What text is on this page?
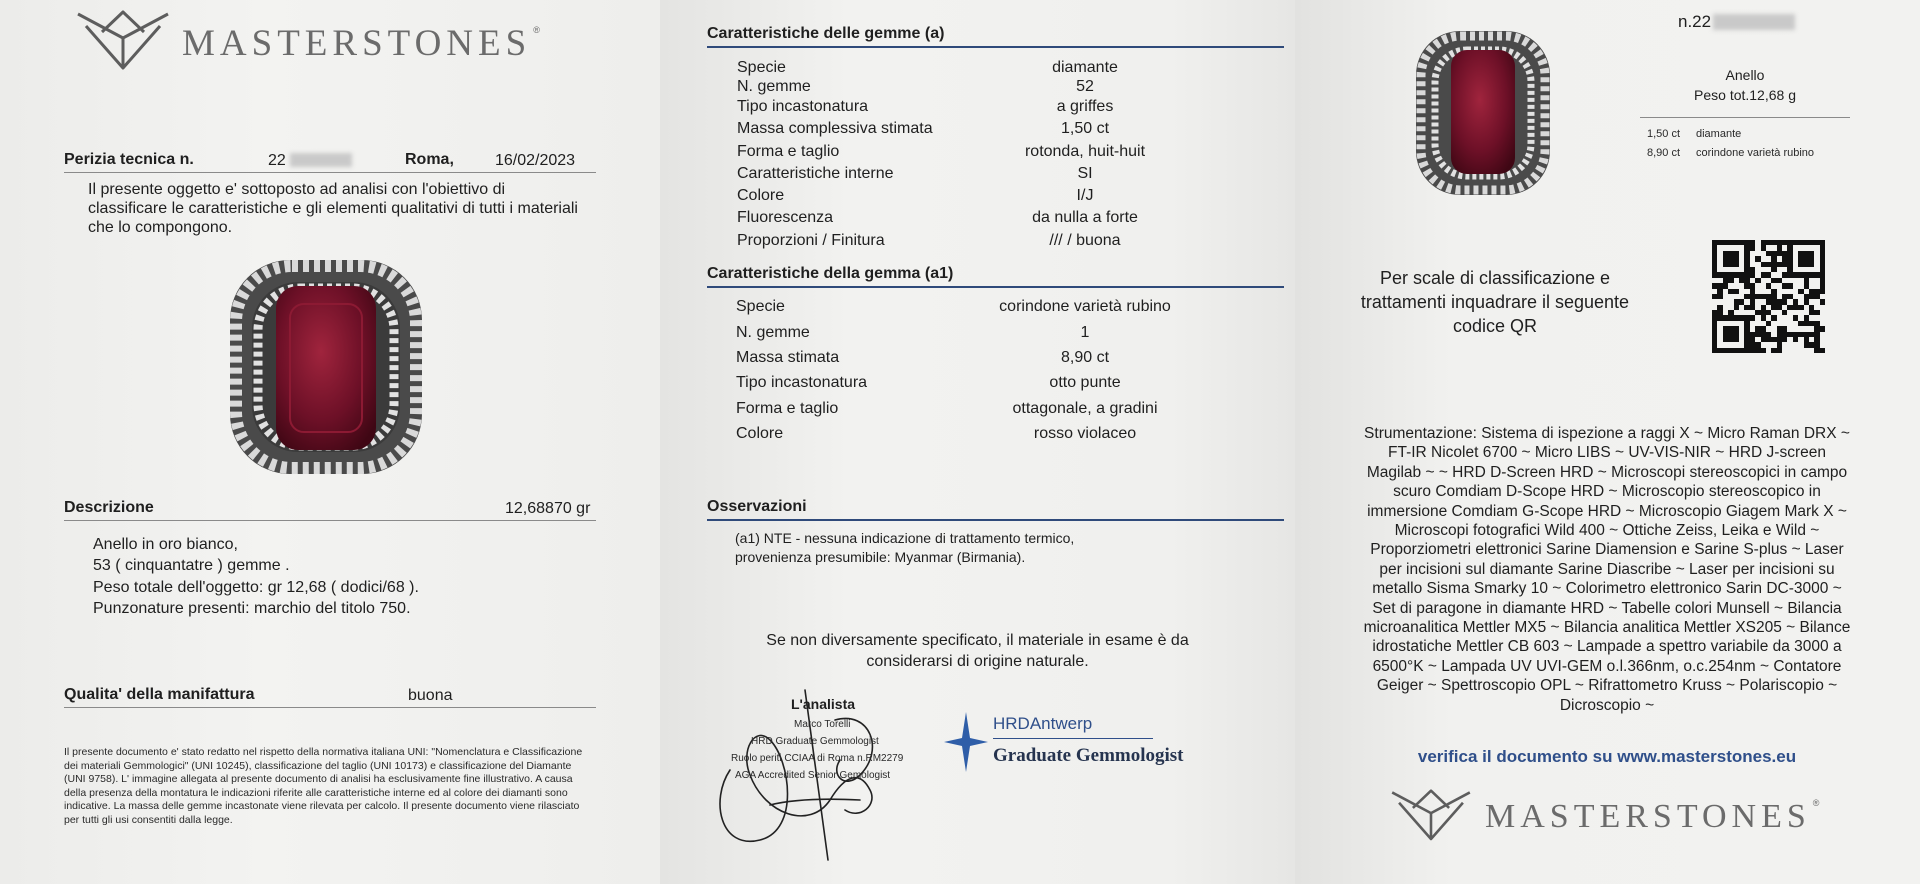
MASTERSTONES ®
Perizia tecnica n.	22	Roma,	16/02/2023
Il presente oggetto e' sottoposto ad analisi con l'obiettivo di classificare le caratteristiche e gli elementi qualitativi di tutti i materiali che lo compongono.
Descrizione	12,68870 gr
Anello in oro bianco,
53 ( cinquantatre ) gemme .
Peso totale dell'oggetto: gr 12,68 ( dodici/68 ).
Punzonature presenti: marchio del titolo 750.
Qualita' della manifattura	buona
Il presente documento e' stato redatto nel rispetto della normativa italiana UNI: "Nomenclatura e Classificazione dei materiali Gemmologici" (UNI 10245), classificazione del taglio (UNI 10173) e classificazione del Diamante (UNI 9758). L' immagine allegata al presente documento di analisi ha esclusivamente fine illustrativo. A causa della presenza della montatura le indicazioni riferite alle caratteristiche interne ed al colore dei diamanti sono indicative. La massa delle gemme incastonate viene rilevata per calcolo. Il presente documento viene rilasciato per tutti gli usi consentiti dalla legge.
Caratteristiche delle gemme (a)
Specie	diamante
N. gemme	52
Tipo incastonatura	a griffes
Massa complessiva stimata	1,50 ct
Forma e taglio	rotonda, huit-huit
Caratteristiche interne	SI
Colore	I/J
Fluorescenza	da nulla a forte
Proporzioni / Finitura	/// / buona
Caratteristiche della gemma (a1)
Specie	corindone varietà rubino
N. gemme	1
Massa stimata	8,90 ct
Tipo incastonatura	otto punte
Forma e taglio	ottagonale, a gradini
Colore	rosso violaceo
Osservazioni
(a1) NTE - nessuna indicazione di trattamento termico,
provenienza presumibile: Myanmar (Birmania).
Se non diversamente specificato, il materiale in esame è da
considerarsi di origine naturale.
L'analista
Marco Torelli
HRD Graduate Gemmologist
Ruolo periti CCIAA di Roma n.RM2279
AGA Accredited Senior Gemologist
HRDAntwerp
Graduate Gemmologist
n.22
Anello
Peso tot.12,68 g
1,50 ct diamante
8,90 ct corindone varietà rubino
Per scale di classificazione e
trattamenti inquadrare il seguente
codice QR
Strumentazione: Sistema di ispezione a raggi X ~ Micro Raman DRX ~
FT-IR Nicolet 6700 ~ Micro LIBS ~ UV-VIS-NIR ~ HRD J-screen
Magilab ~ ~ HRD D-Screen HRD ~ Microscopi stereoscopici in campo
scuro Comdiam D-Scope HRD ~ Microscopio stereoscopico in
immersione Comdiam G-Scope HRD ~ Microscopio Giagem Mark X ~
Microscopi fotografici Wild 400 ~ Ottiche Zeiss, Leika e Wild ~
Proporziometri elettronici Sarine Diamension e Sarine S-plus ~ Laser
per incisioni sul diamante Sarine Diascribe ~ Laser per incisioni su
metallo Sisma Smarky 10 ~ Colorimetro elettronico Sarin DC-3000 ~
Set di paragone in diamante HRD ~ Tabelle colori Munsell ~ Bilancia
microanalitica Mettler MX5 ~ Bilancia analitica Mettler XS205 ~ Bilance
idrostatiche Mettler CB 603 ~ Lampade a spettro variabile da 3000 a
6500°K ~ Lampada UV UVI-GEM o.l.366nm, o.c.254nm ~ Contatore
Geiger ~ Spettroscopio OPL ~ Rifrattometro Kruss ~ Polariscopio ~
Dicroscopio ~
verifica il documento su www.masterstones.eu
MASTERSTONES ®
